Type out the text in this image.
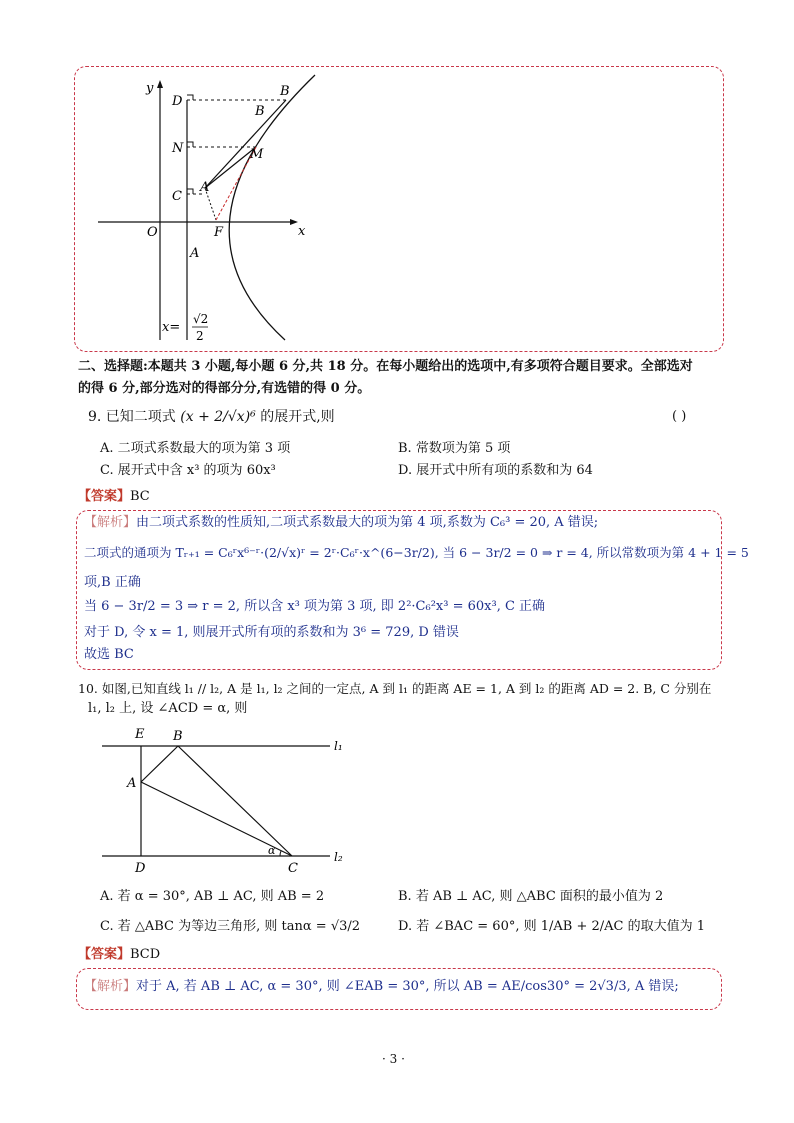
y
D
N
C
A
B
B
M
O	F	x
A
x=
√2
2
二、选择题:本题共 3 小题,每小题 6 分,共 18 分。在每小题给出的选项中,有多项符合题目要求。全部选对
的得 6 分,部分选对的得部分分,有选错的得 0 分。
9. 已知二项式 (x + 2/√x)⁶ 的展开式,则	( )
A. 二项式系数最大的项为第 3 项	B. 常数项为第 5 项
C. 展开式中含 x³ 的项为 60x³	D. 展开式中所有项的系数和为 64
【答案】BC
【解析】由二项式系数的性质知,二项式系数最大的项为第 4 项,系数为 C₆³ = 20, A 错误;
二项式的通项为 Tᵣ₊₁ = C₆ʳx⁶⁻ʳ·(2/√x)ʳ = 2ʳ·C₆ʳ·x^(6−3r/2), 当 6 − 3r/2 = 0 ⇒ r = 4, 所以常数项为第 4 + 1 = 5
项,B 正确
当 6 − 3r/2 = 3 ⇒ r = 2, 所以含 x³ 项为第 3 项, 即 2²·C₆²x³ = 60x³, C 正确
对于 D, 令 x = 1, 则展开式所有项的系数和为 3⁶ = 729, D 错误
故选 BC
10. 如图,已知直线 l₁ // l₂, A 是 l₁, l₂ 之间的一定点, A 到 l₁ 的距离 AE = 1, A 到 l₂ 的距离 AD = 2. B, C 分别在
l₁, l₂ 上, 设 ∠ACD = α, 则
E B
A
D	C
α
l₁
l₂
A. 若 α = 30°, AB ⊥ AC, 则 AB = 2	B. 若 AB ⊥ AC, 则 △ABC 面积的最小值为 2
C. 若 △ABC 为等边三角形, 则 tanα = √3/2	D. 若 ∠BAC = 60°, 则 1/AB + 2/AC 的取大值为 1
【答案】BCD
【解析】对于 A, 若 AB ⊥ AC, α = 30°, 则 ∠EAB = 30°, 所以 AB = AE/cos30° = 2√3/3, A 错误;
· 3 ·
